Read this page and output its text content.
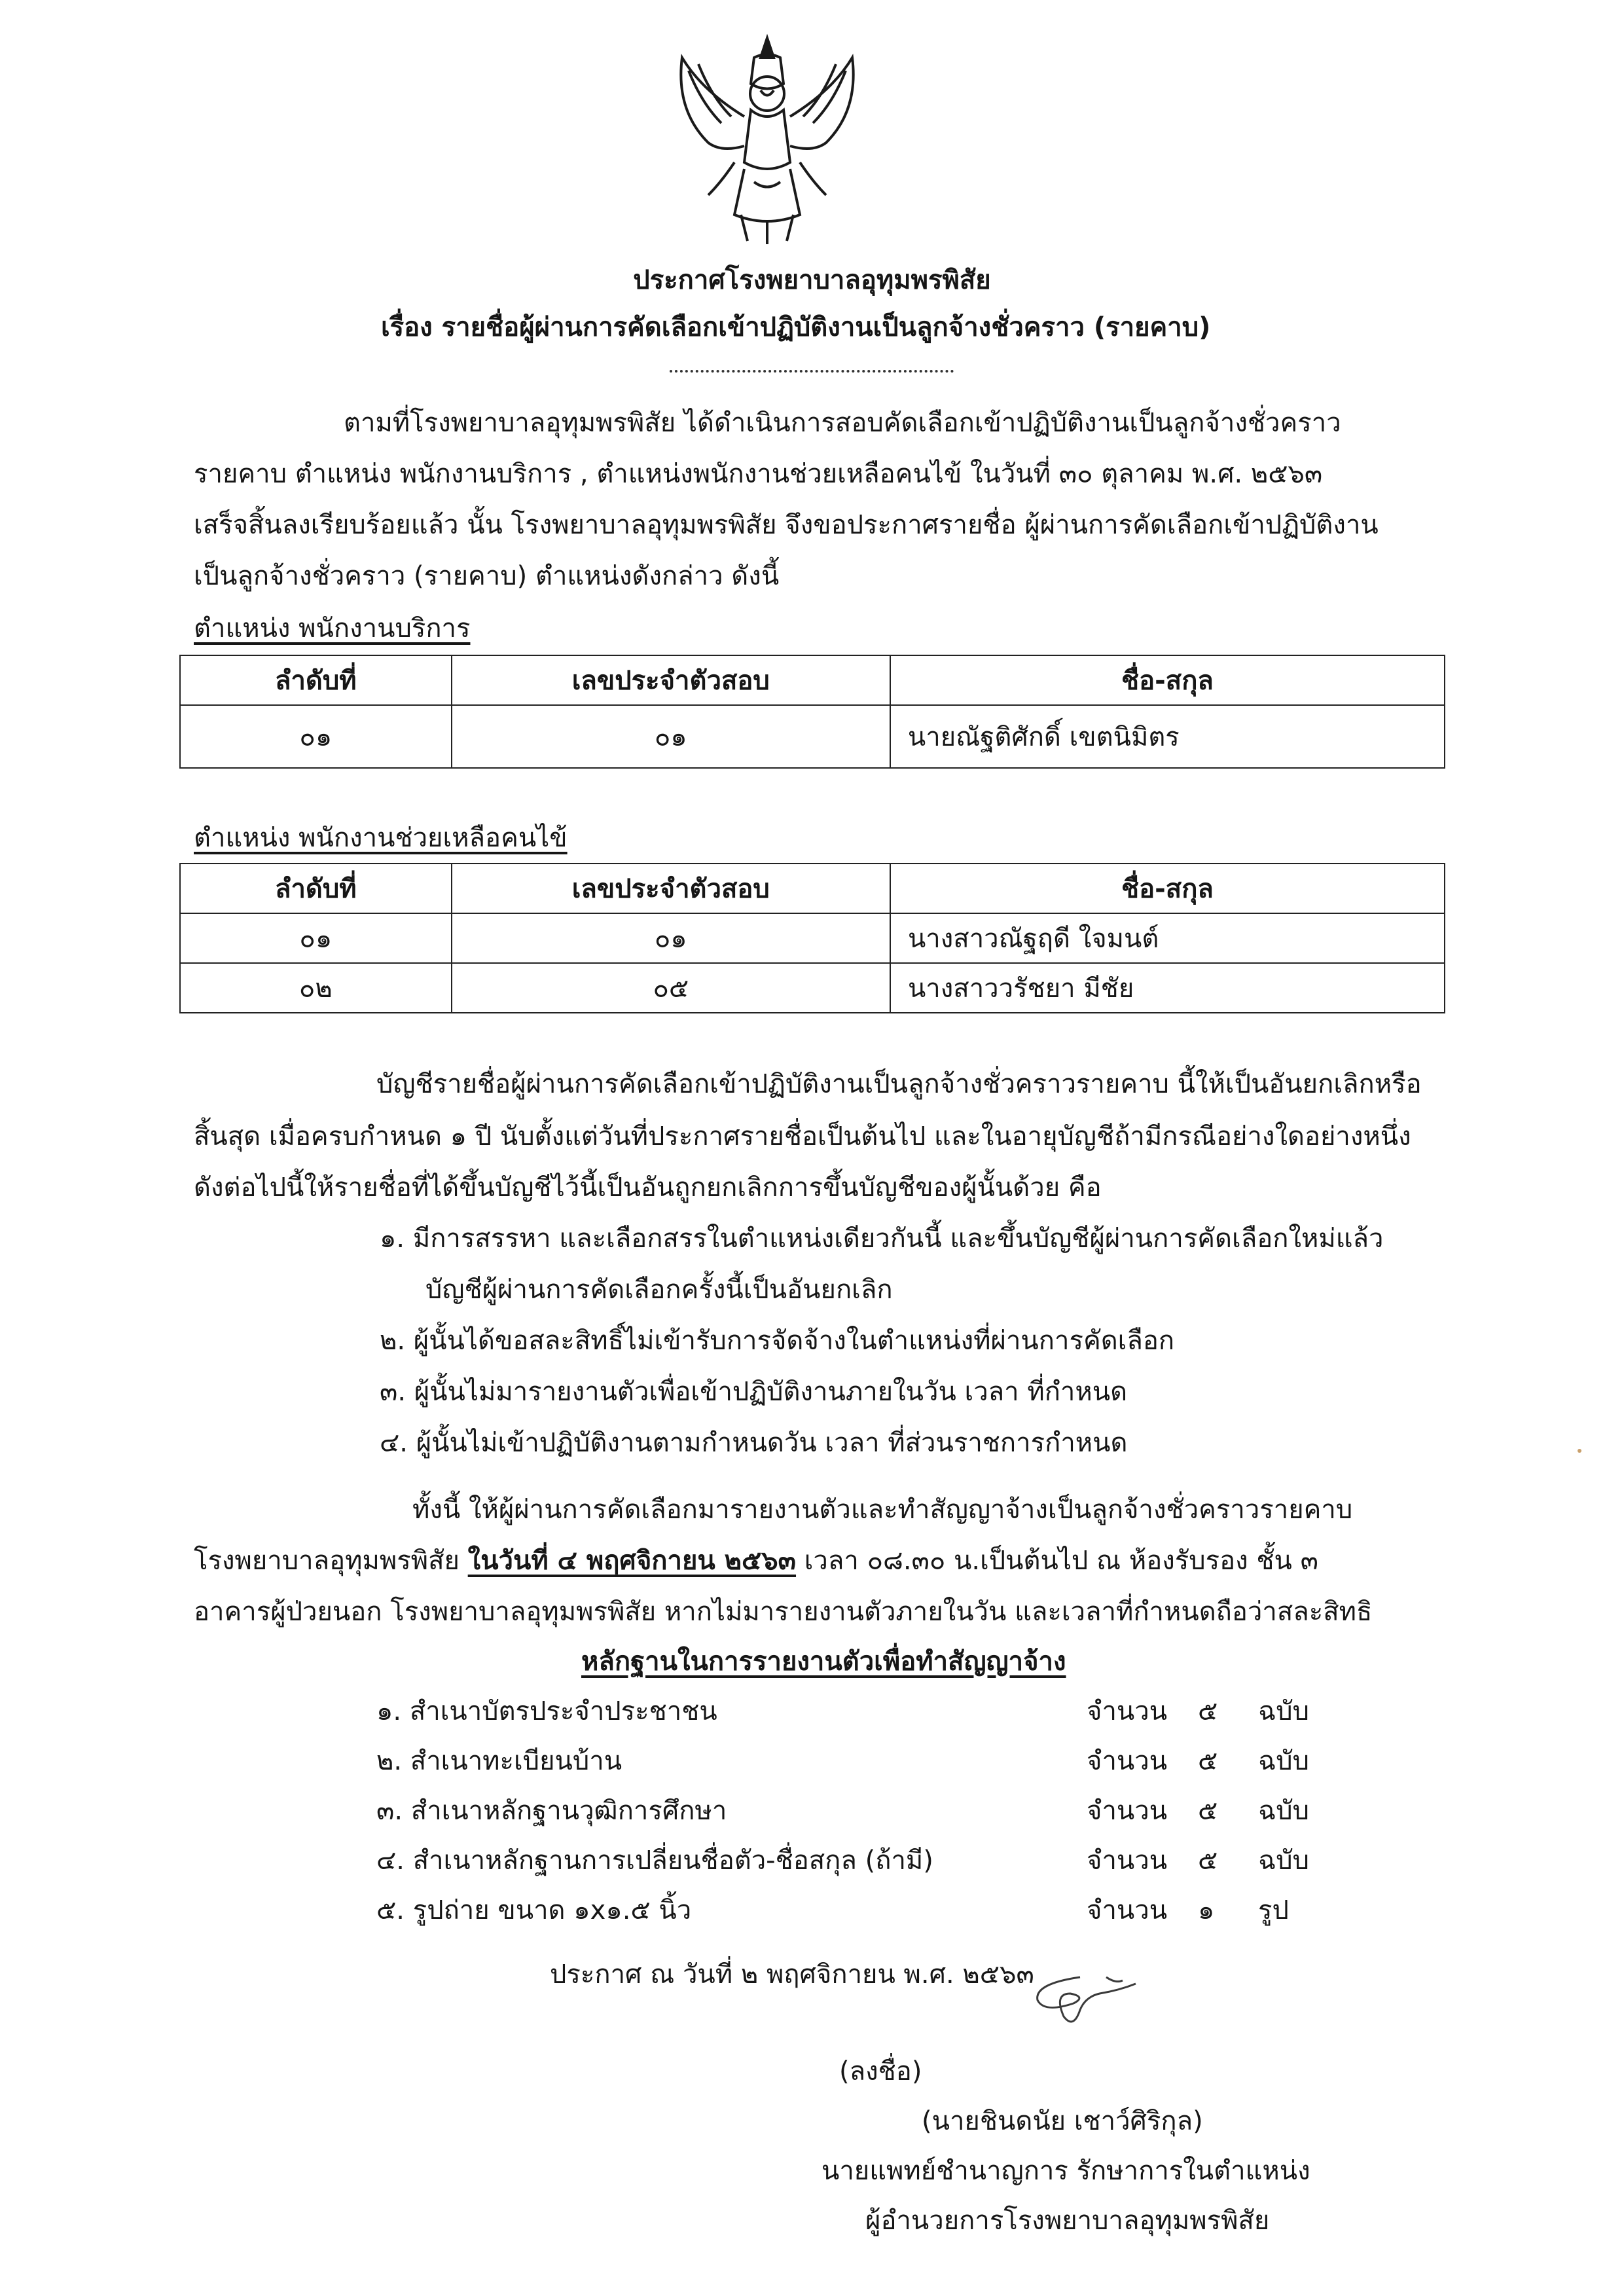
ประกาศโรงพยาบาลอุทุมพรพิสัย
เรื่อง รายชื่อผู้ผ่านการคัดเลือกเข้าปฏิบัติงานเป็นลูกจ้างชั่วคราว (รายคาบ)
ตามที่โรงพยาบาลอุทุมพรพิสัย ได้ดำเนินการสอบคัดเลือกเข้าปฏิบัติงานเป็นลูกจ้างชั่วคราว
รายคาบ ตำแหน่ง พนักงานบริการ , ตำแหน่งพนักงานช่วยเหลือคนไข้ ในวันที่ ๓๐ ตุลาคม พ.ศ. ๒๕๖๓
เสร็จสิ้นลงเรียบร้อยแล้ว นั้น โรงพยาบาลอุทุมพรพิสัย จึงขอประกาศรายชื่อ ผู้ผ่านการคัดเลือกเข้าปฏิบัติงาน
เป็นลูกจ้างชั่วคราว (รายคาบ) ตำแหน่งดังกล่าว ดังนี้
ตำแหน่ง พนักงานบริการ
ลำดับที่	เลขประจำตัวสอบ	ชื่อ-สกุล
๐๑	๐๑	นายณัฐติศักดิ์ เขตนิมิตร
ตำแหน่ง พนักงานช่วยเหลือคนไข้
ลำดับที่	เลขประจำตัวสอบ	ชื่อ-สกุล
๐๑	๐๑	นางสาวณัฐฤดี ใจมนต์
๐๒	๐๕	นางสาววรัชยา มีชัย
บัญชีรายชื่อผู้ผ่านการคัดเลือกเข้าปฏิบัติงานเป็นลูกจ้างชั่วคราวรายคาบ นี้ให้เป็นอันยกเลิกหรือ
สิ้นสุด เมื่อครบกำหนด ๑ ปี นับตั้งแต่วันที่ประกาศรายชื่อเป็นต้นไป และในอายุบัญชีถ้ามีกรณีอย่างใดอย่างหนึ่ง
ดังต่อไปนี้ให้รายชื่อที่ได้ขึ้นบัญชีไว้นี้เป็นอันถูกยกเลิกการขึ้นบัญชีของผู้นั้นด้วย คือ
๑. มีการสรรหา และเลือกสรรในตำแหน่งเดียวกันนี้ และขึ้นบัญชีผู้ผ่านการคัดเลือกใหม่แล้ว
บัญชีผู้ผ่านการคัดเลือกครั้งนี้เป็นอันยกเลิก
๒. ผู้นั้นได้ขอสละสิทธิ์ไม่เข้ารับการจัดจ้างในตำแหน่งที่ผ่านการคัดเลือก
๓. ผู้นั้นไม่มารายงานตัวเพื่อเข้าปฏิบัติงานภายในวัน เวลา ที่กำหนด
๔. ผู้นั้นไม่เข้าปฏิบัติงานตามกำหนดวัน เวลา ที่ส่วนราชการกำหนด
ทั้งนี้ ให้ผู้ผ่านการคัดเลือกมารายงานตัวและทำสัญญาจ้างเป็นลูกจ้างชั่วคราวรายคาบ
โรงพยาบาลอุทุมพรพิสัย ในวันที่ ๔ พฤศจิกายน ๒๕๖๓ เวลา ๐๘.๓๐ น.เป็นต้นไป ณ ห้องรับรอง ชั้น ๓
อาคารผู้ป่วยนอก โรงพยาบาลอุทุมพรพิสัย หากไม่มารายงานตัวภายในวัน และเวลาที่กำหนดถือว่าสละสิทธิ
หลักฐานในการรายงานตัวเพื่อทำสัญญาจ้าง
๑. สำเนาบัตรประจำประชาชน	จำนวน ๕ ฉบับ
๒. สำเนาทะเบียนบ้าน	จำนวน ๕ ฉบับ
๓. สำเนาหลักฐานวุฒิการศึกษา	จำนวน ๕ ฉบับ
๔. สำเนาหลักฐานการเปลี่ยนชื่อตัว-ชื่อสกุล (ถ้ามี)	จำนวน ๕ ฉบับ
๕. รูปถ่าย ขนาด ๑x๑.๕ นิ้ว	จำนวน ๑ รูป
ประกาศ ณ วันที่ ๒ พฤศจิกายน พ.ศ. ๒๕๖๓
(ลงชื่อ)
(นายชินดนัย เชาว์ศิริกุล)
นายแพทย์ชำนาญการ รักษาการในตำแหน่ง
ผู้อำนวยการโรงพยาบาลอุทุมพรพิสัย
